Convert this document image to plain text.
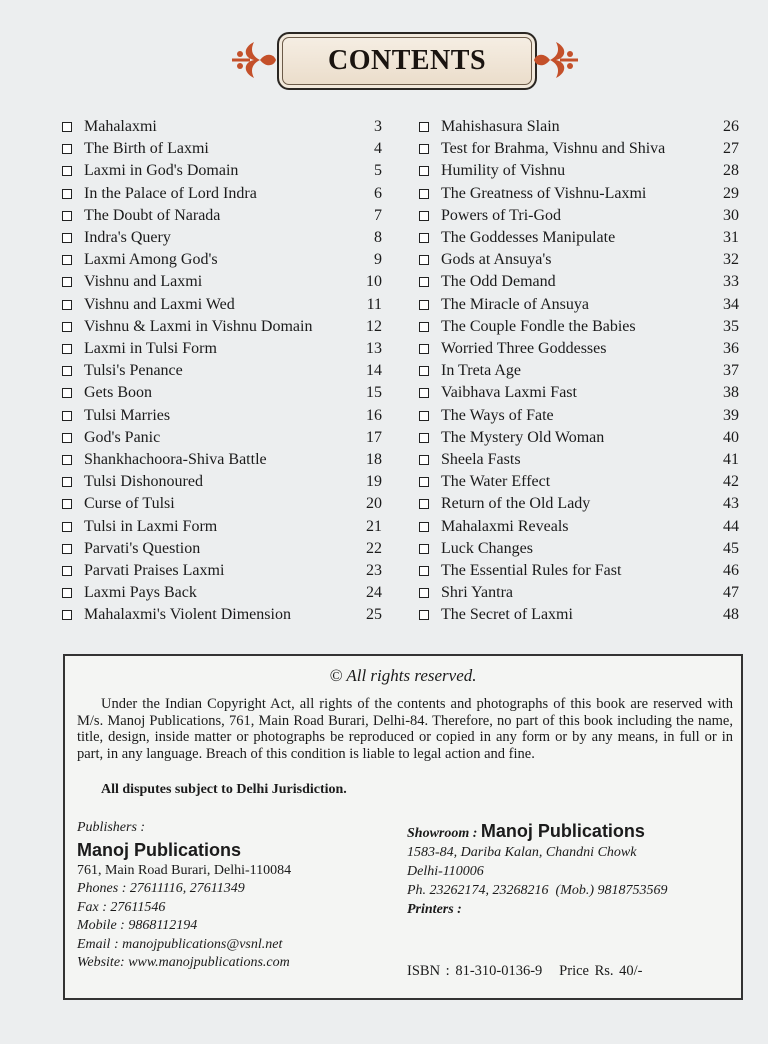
CONTENTS
Mahalaxmi	3
The Birth of Laxmi	4
Laxmi in God's Domain	5
In the Palace of Lord Indra	6
The Doubt of Narada	7
Indra's Query	8
Laxmi Among God's	9
Vishnu and Laxmi	10
Vishnu and Laxmi Wed	11
Vishnu & Laxmi in Vishnu Domain	12
Laxmi in Tulsi Form	13
Tulsi's Penance	14
Gets Boon	15
Tulsi Marries	16
God's Panic	17
Shankhachoora-Shiva Battle	18
Tulsi Dishonoured	19
Curse of Tulsi	20
Tulsi in Laxmi Form	21
Parvati's Question	22
Parvati Praises Laxmi	23
Laxmi Pays Back	24
Mahalaxmi's Violent Dimension	25
Mahishasura Slain	26
Test for Brahma, Vishnu and Shiva	27
Humility of Vishnu	28
The Greatness of Vishnu-Laxmi	29
Powers of Tri-God	30
The Goddesses Manipulate	31
Gods at Ansuya's	32
The Odd Demand	33
The Miracle of Ansuya	34
The Couple Fondle the Babies	35
Worried Three Goddesses	36
In Treta Age	37
Vaibhava Laxmi Fast	38
The Ways of Fate	39
The Mystery Old Woman	40
Sheela Fasts	41
The Water Effect	42
Return of the Old Lady	43
Mahalaxmi Reveals	44
Luck Changes	45
The Essential Rules for Fast	46
Shri Yantra	47
The Secret of Laxmi	48
© All rights reserved.
Under the Indian Copyright Act, all rights of the contents and photographs of this book are reserved with M/s. Manoj Publications, 761, Main Road Burari, Delhi-84. Therefore, no part of this book including the name, title, design, inside matter or photographs be reproduced or copied in any form or by any means, in full or in part, in any language. Breach of this condition is liable to legal action and fine.
All disputes subject to Delhi Jurisdiction.
Publishers :
Manoj Publications
761, Main Road Burari, Delhi-110084
Phones : 27611116, 27611349
Fax : 27611546
Mobile : 9868112194
Email : manojpublications@vsnl.net
Website: www.manojpublications.com
Showroom : Manoj Publications
1583-84, Dariba Kalan, Chandni Chowk
Delhi-110006
Ph. 23262174, 23268216  (Mob.) 9818753569
Printers :
ISBN : 81-310-0136-9   Price Rs. 40/-
